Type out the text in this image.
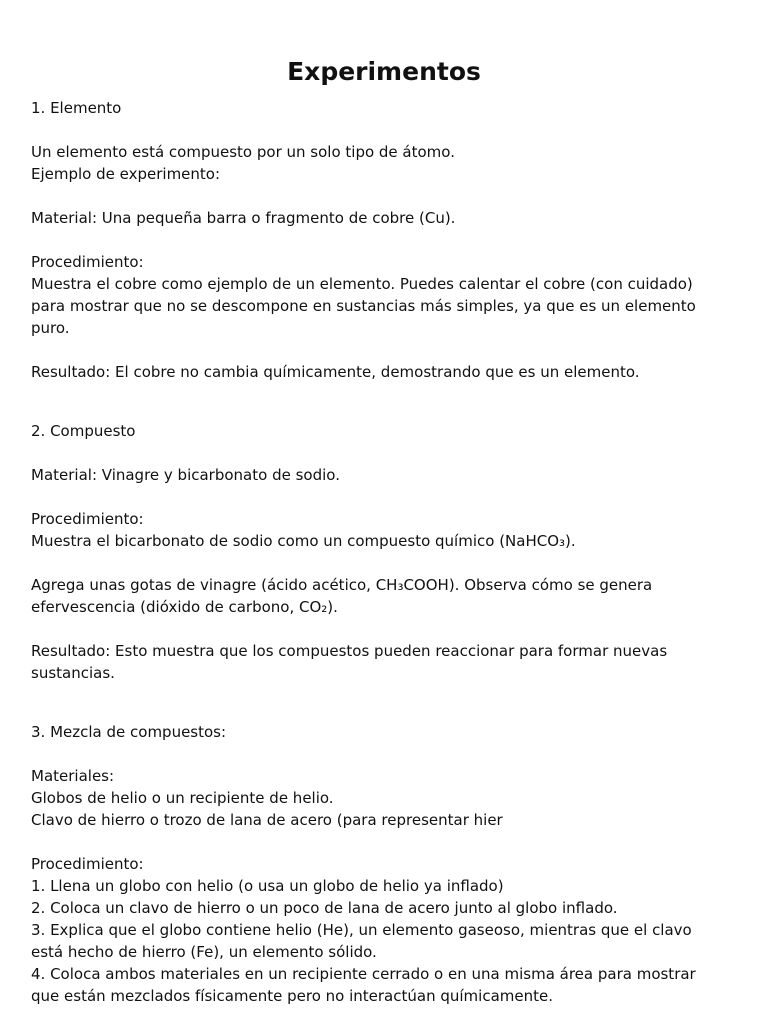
Experimentos
1. Elemento
Un elemento está compuesto por un solo tipo de átomo.
Ejemplo de experimento:
Material: Una pequeña barra o fragmento de cobre (Cu).
Procedimiento:
Muestra el cobre como ejemplo de un elemento. Puedes calentar el cobre (con cuidado)
para mostrar que no se descompone en sustancias más simples, ya que es un elemento
puro.
Resultado: El cobre no cambia químicamente, demostrando que es un elemento.
2. Compuesto
Material: Vinagre y bicarbonato de sodio.
Procedimiento:
Muestra el bicarbonato de sodio como un compuesto químico (NaHCO₃).
Agrega unas gotas de vinagre (ácido acético, CH₃COOH). Observa cómo se genera
efervescencia (dióxido de carbono, CO₂).
Resultado: Esto muestra que los compuestos pueden reaccionar para formar nuevas
sustancias.
3. Mezcla de compuestos:
Materiales:
Globos de helio o un recipiente de helio.
Clavo de hierro o trozo de lana de acero (para representar hier
Procedimiento:
1. Llena un globo con helio (o usa un globo de helio ya inflado)
2. Coloca un clavo de hierro o un poco de lana de acero junto al globo inflado.
3. Explica que el globo contiene helio (He), un elemento gaseoso, mientras que el clavo
está hecho de hierro (Fe), un elemento sólido.
4. Coloca ambos materiales en un recipiente cerrado o en una misma área para mostrar
que están mezclados físicamente pero no interactúan químicamente.
